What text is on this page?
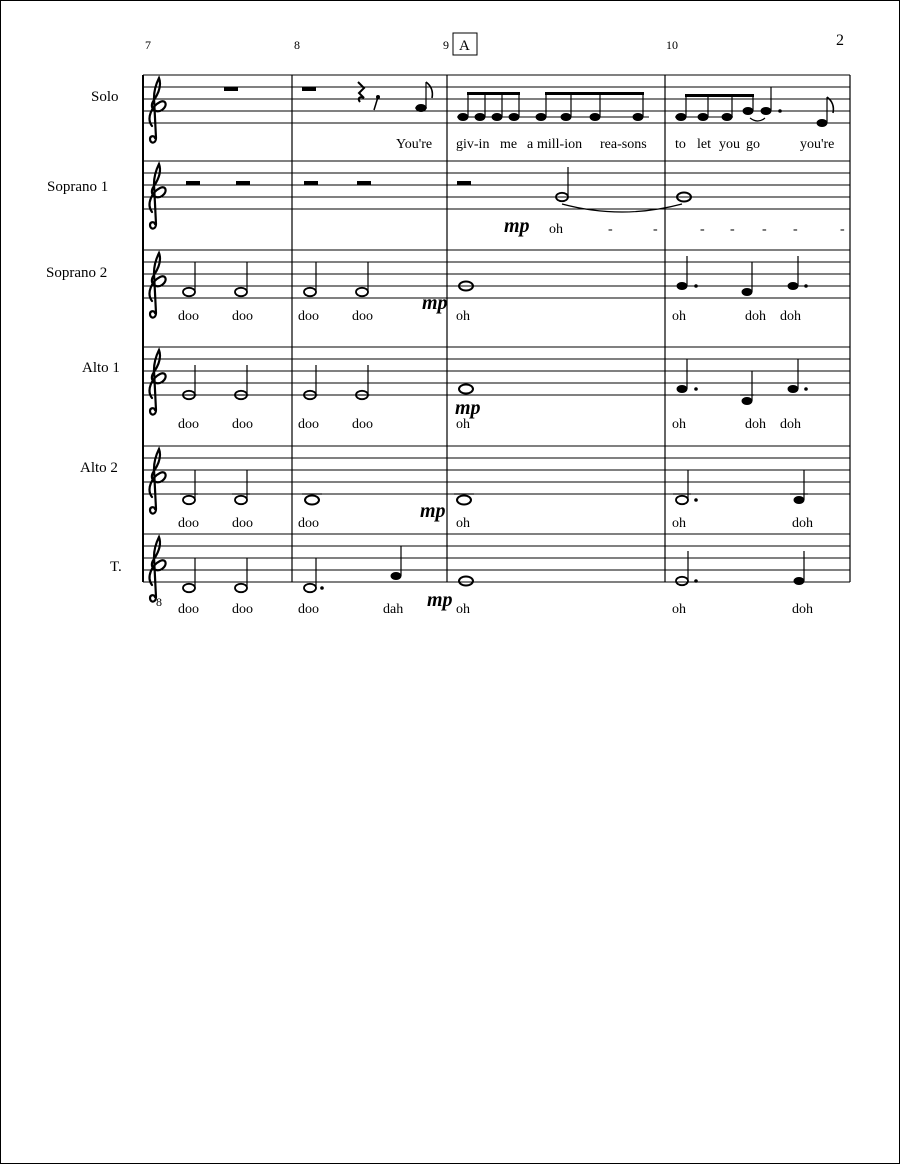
2
7	8	9	10
A
Solo
Soprano 1
Soprano 2
Alto 1
Alto 2
T.
8
You're giv-in me a mill-ion rea-sons to let you go	you're
mp oh	-	-	- - - -	-
mp
doo doo	doo doo	oh	oh	doh doh
mp
doo doo	doo doo	oh	oh	doh doh
mp
doo doo	doo	oh	oh	doh
mp
doo doo	doo	dah	oh	oh	doh
